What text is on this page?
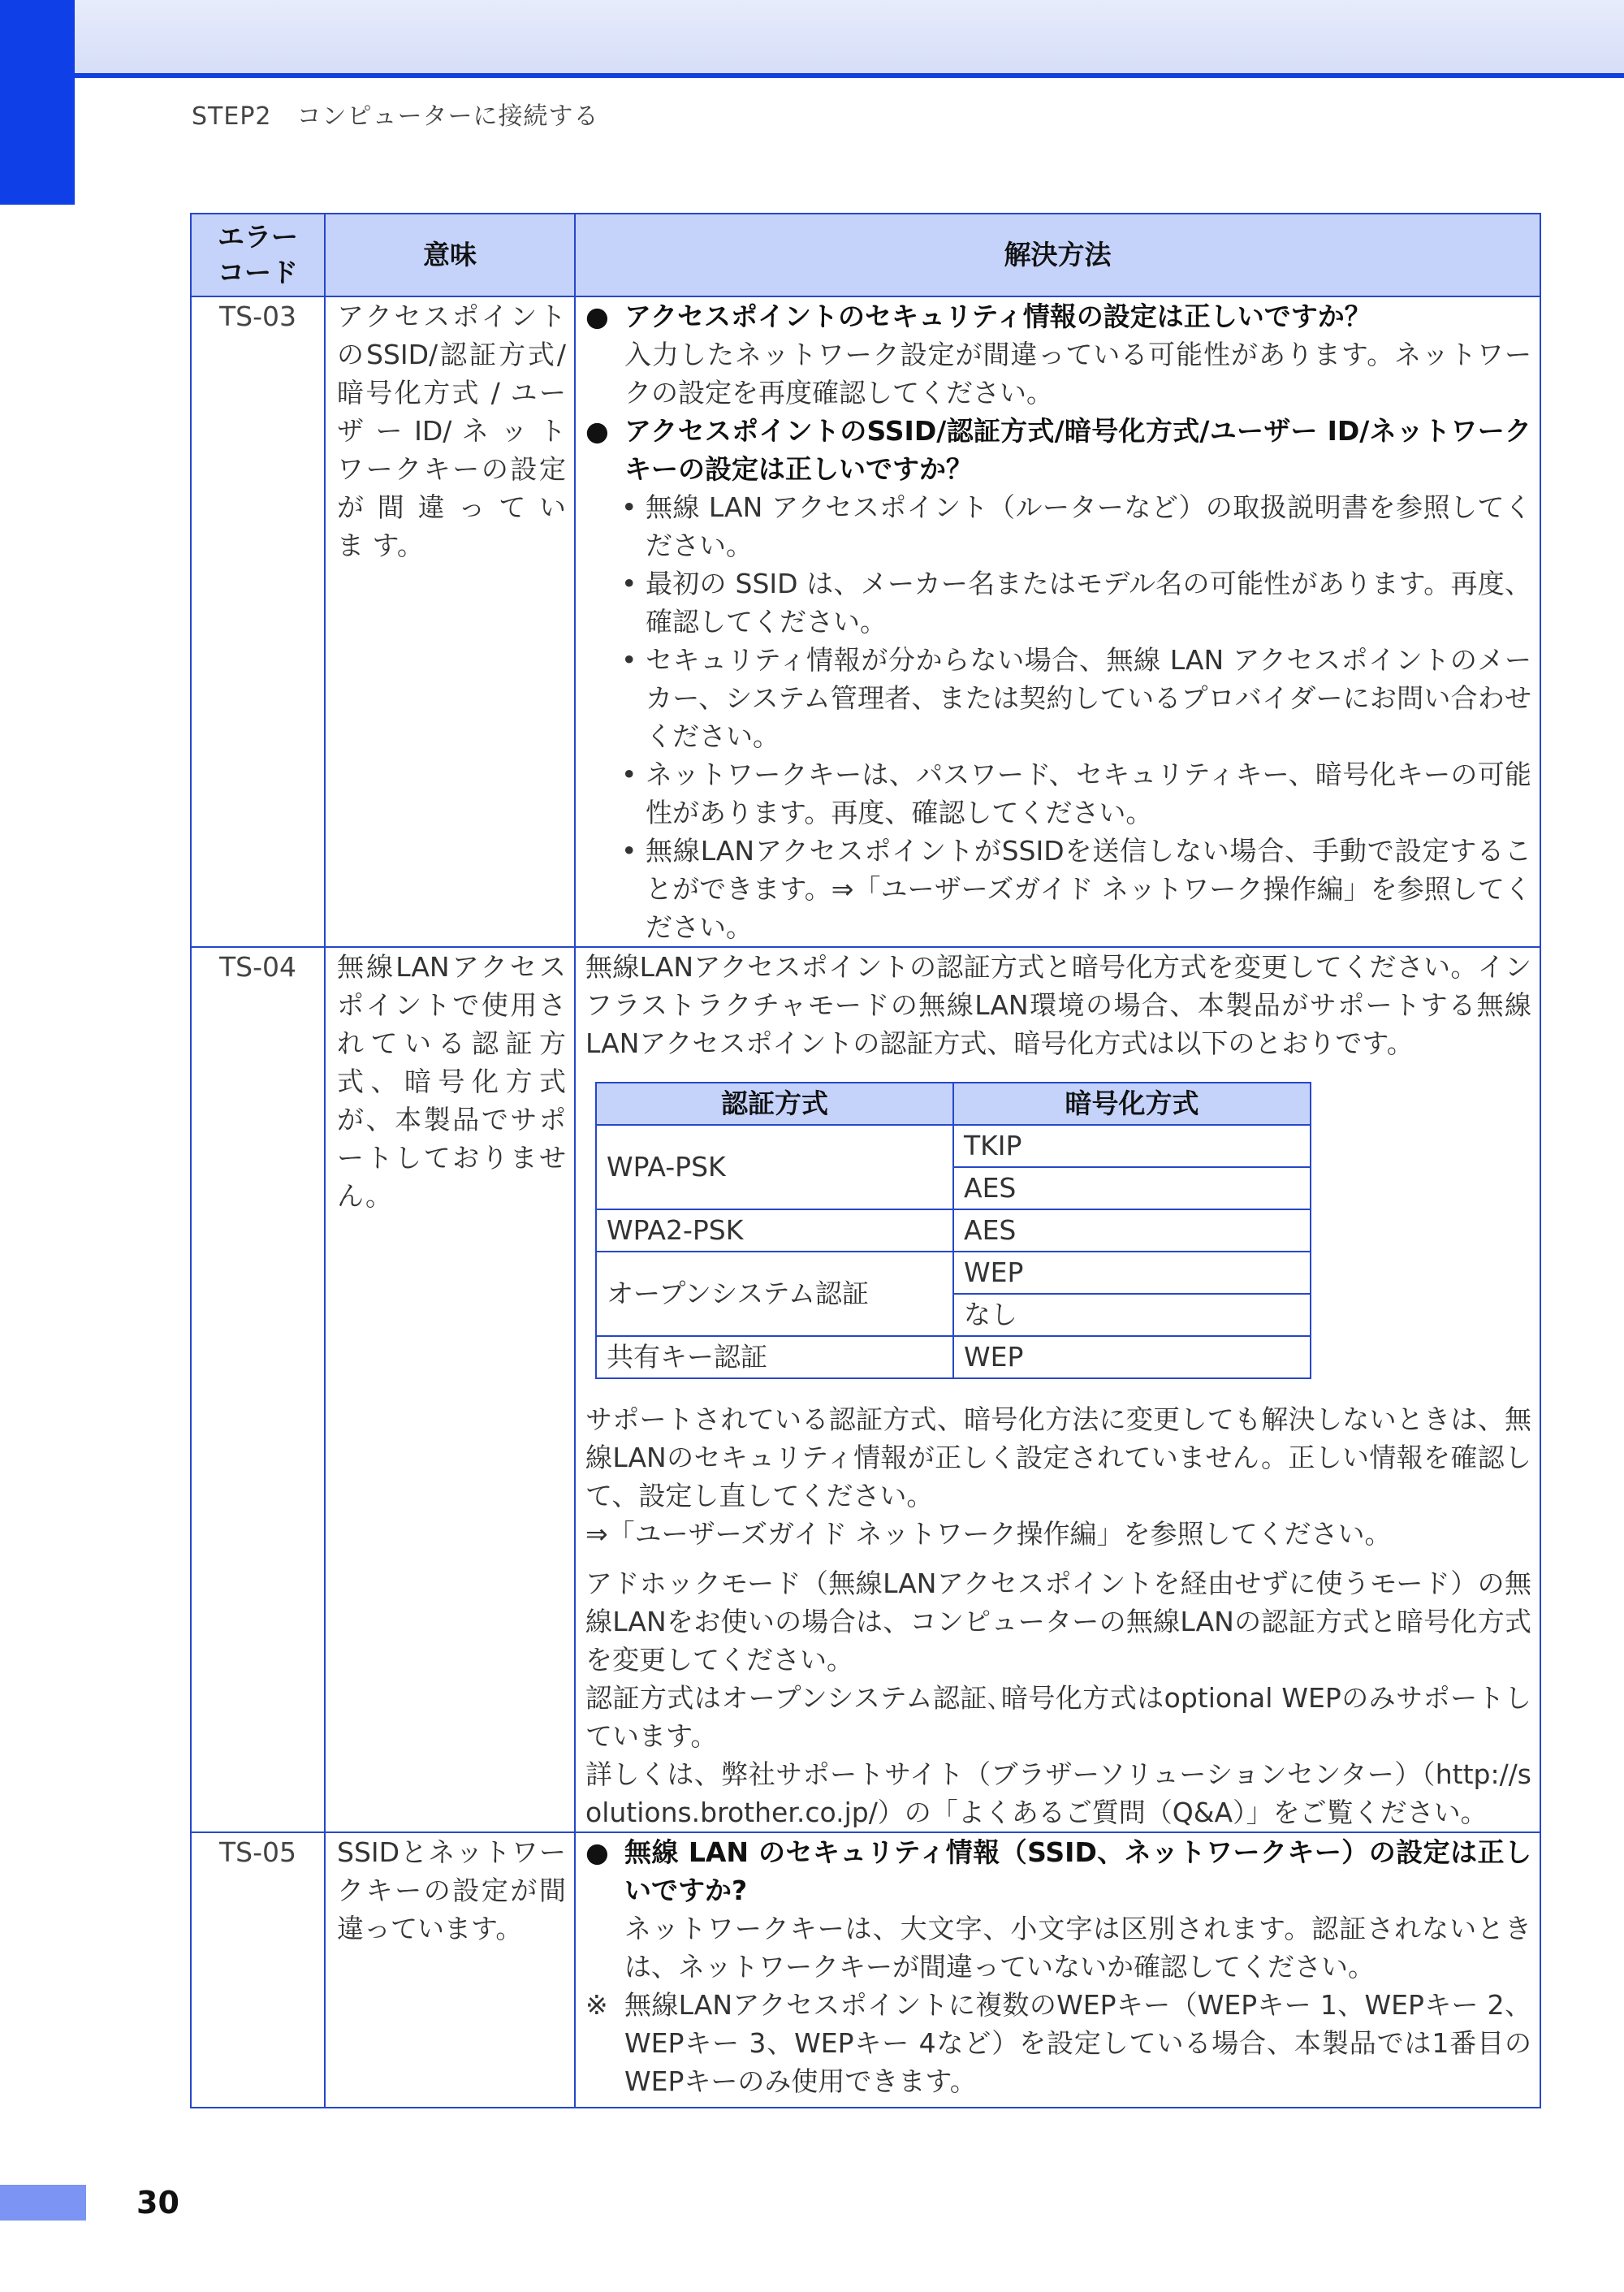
STEP2　コンピューターに接続する
エラー
コード	意味	解決方法
TS-03	アクセスポイントのSSID/認証方式/暗号化方式 / ユーザ ー ID/ ネ ッ ト ワークキーの設定が 間 違 っ て い ま す。	
● アクセスポイントのセキュリティ情報の設定は正しいですか？
入力したネットワーク設定が間違っている可能性があります。ネットワークの設定を再度確認してください。
● アクセスポイントのSSID/認証方式/暗号化方式/ユーザー ID/ネットワークキーの設定は正しいですか？
• 無線 LAN アクセスポイント（ルーターなど）の取扱説明書を参照してください。
• 最初の SSID は、メーカー名またはモデル名の可能性があります。再度、確認してください。
• セキュリティ情報が分からない場合、無線 LAN アクセスポイントのメーカー、システム管理者、または契約しているプロバイダーにお問い合わせください。
• ネットワークキーは、パスワード、セキュリティキー、暗号化キーの可能性があります。再度、確認してください。
• 無線LANアクセスポイントがSSIDを送信しない場合、手動で設定することができます。⇒「ユーザーズガイド ネットワーク操作編」を参照してください。

TS-04	無線LANアクセスポイントで使用されている認証方式、暗号化方式が、本製品でサポートしておりません。	
無線LANアクセスポイントの認証方式と暗号化方式を変更してください。インフラストラクチャモードの無線LAN環境の場合、本製品がサポートする無線LANアクセスポイントの認証方式、暗号化方式は以下のとおりです。
認証方式	暗号化方式
WPA-PSK	TKIP
AES
WPA2-PSK	AES
オープンシステム認証	WEP
なし
共有キー認証	WEP
サポートされている認証方式、暗号化方法に変更しても解決しないときは、無線LANのセキュリティ情報が正しく設定されていません。正しい情報を確認して、設定し直してください。
⇒「ユーザーズガイド ネットワーク操作編」を参照してください。
アドホックモード（無線LANアクセスポイントを経由せずに使うモード）の無線LANをお使いの場合は、コンピューターの無線LANの認証方式と暗号化方式を変更してください。
認証方式はオープンシステム認証､暗号化方式はoptional WEPのみサポートしています。
詳しくは、弊社サポートサイト（ブラザーソリューションセンター）（http://solutions.brother.co.jp/）の「よくあるご質問（Q&A）」をご覧ください。

TS-05	SSIDとネットワークキーの設定が間違っています。	
● 無線 LAN のセキュリティ情報（SSID、ネットワークキー）の設定は正しいですか?
ネットワークキーは、大文字、小文字は区別されます。認証されないときは、ネットワークキーが間違っていないか確認してください。
※ 無線LANアクセスポイントに複数のWEPキー（WEPキー 1、WEPキー 2、WEPキー 3、WEPキー 4など）を設定している場合、本製品では1番目のWEPキーのみ使用できます。
30
